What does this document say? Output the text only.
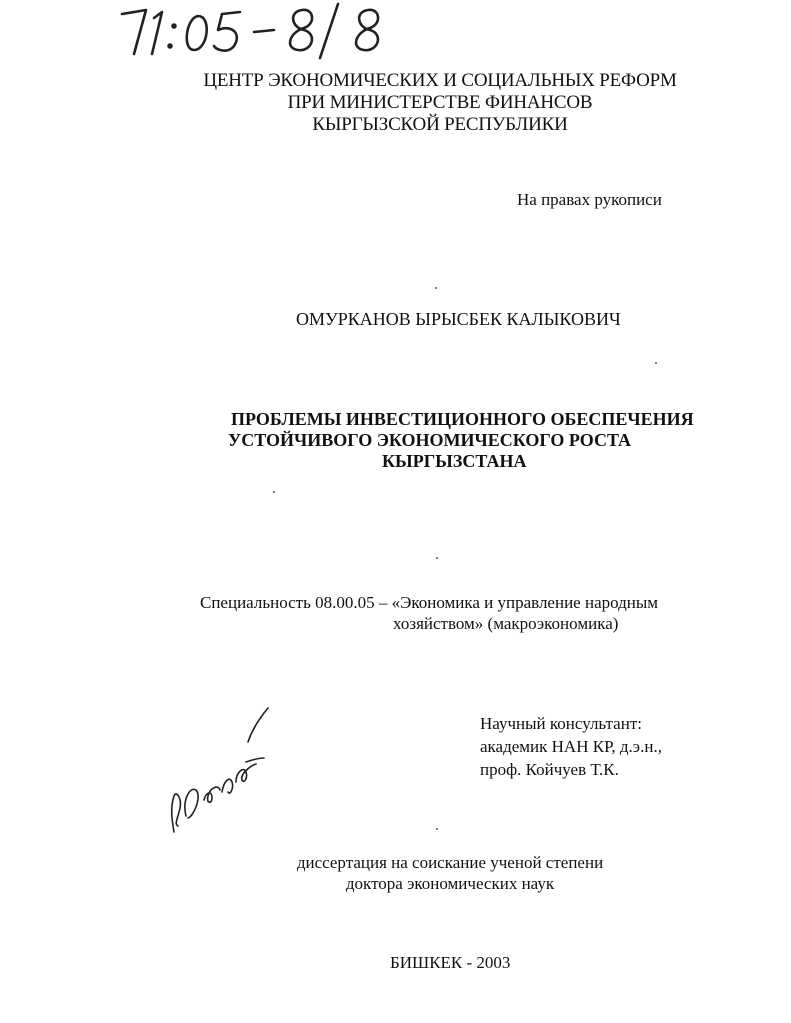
ЦЕНТР ЭКОНОМИЧЕСКИХ И СОЦИАЛЬНЫХ РЕФОРМ
ПРИ МИНИСТЕРСТВЕ ФИНАНСОВ
КЫРГЫЗСКОЙ РЕСПУБЛИКИ
На правах рукописи
ОМУРКАНОВ ЫРЫСБЕК КАЛЫКОВИЧ
ПРОБЛЕМЫ ИНВЕСТИЦИОННОГО ОБЕСПЕЧЕНИЯ
УСТОЙЧИВОГО ЭКОНОМИЧЕСКОГО РОСТА
КЫРГЫЗСТАНА
Специальность 08.00.05 – «Экономика и управление народным
хозяйством» (макроэкономика)
Научный консультант:
академик НАН КР, д.э.н.,
проф. Койчуев Т.К.
диссертация на соискание ученой степени
доктора экономических наук
БИШКЕК - 2003
